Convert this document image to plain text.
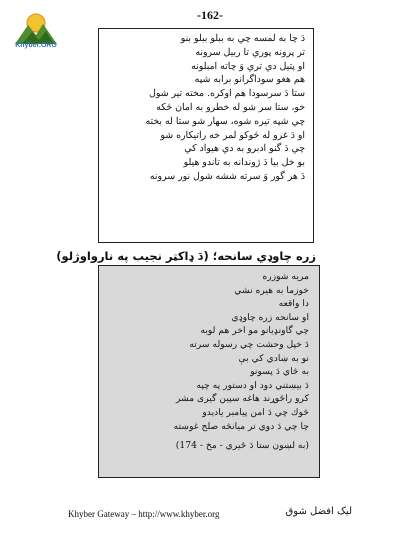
Khyber.ORG
-162-
دَ چا به لمسه چي به ببلو ببلو بنو
تر پرونه پوري تا ربيل سرونه
او پتيل دي تري وَ چاته امبلونه
هم هغو سوداگرانو برابه شپه
ستا دَ سرسودا هم اوكره. مخته تير شول
خو، ستا سر شو له خطرو به امان څكه
چي شپه تيره شوه، سهار شو ستا له بخته
او دَ غرو له څوكو لمر خه راتيكاره شو
چي دَ گنو ادبرو به دي هيواد كي
بو خل بيا دَ ژوندانه به تاندو هيلو
دَ هر گور وَ سرته ششه شول نور سرونه
زره چاوډي سانحه؛ (دَ ډاكټر نجيب په نارواوژلو)
مريه شوزره
خوزما به هيره نشي
دا واقعه
او سانحه زره چاوډي
چي گاونډيانو مو اخر هم لوبه
دَ خپل وحشت چي رسوله سرته
نو به ښادي كي بې
به څاي دَ پسونو
دَ بيښتني دود او دستور په چپه
كرو راځوړند هاغه سپين گيرى مشر
څوك چي دَ امن پيامبر يادېدو
چا چي دَ دوي تر ميانڅه صلح غوښته
(به لښون ستا دَ ځيري - مخ - 174)
Khyber Gateway – http://www.khyber.org	ليک افضل شوق
